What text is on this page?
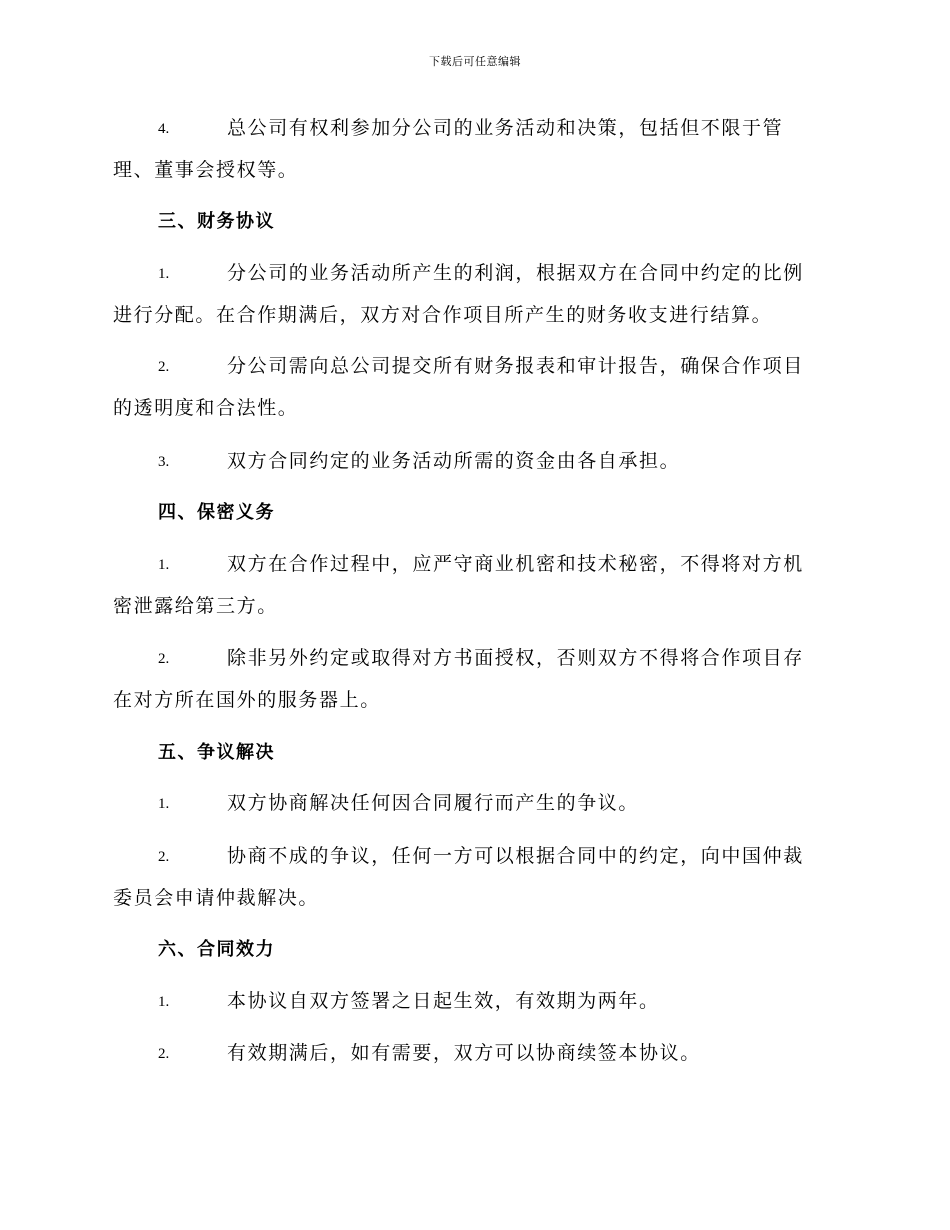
下载后可任意编辑
4.	总公司有权利参加分公司的业务活动和决策，包括但不限于管
理、董事会授权等。
三、财务协议
1.	分公司的业务活动所产生的利润，根据双方在合同中约定的比例
进行分配。在合作期满后，双方对合作项目所产生的财务收支进行结算。
2.	分公司需向总公司提交所有财务报表和审计报告，确保合作项目
的透明度和合法性。
3.	双方合同约定的业务活动所需的资金由各自承担。
四、保密义务
1.	双方在合作过程中，应严守商业机密和技术秘密，不得将对方机
密泄露给第三方。
2.	除非另外约定或取得对方书面授权，否则双方不得将合作项目存
在对方所在国外的服务器上。
五、争议解决
1.	双方协商解决任何因合同履行而产生的争议。
2.	协商不成的争议，任何一方可以根据合同中的约定，向中国仲裁
委员会申请仲裁解决。
六、合同效力
1.	本协议自双方签署之日起生效，有效期为两年。
2.	有效期满后，如有需要，双方可以协商续签本协议。
